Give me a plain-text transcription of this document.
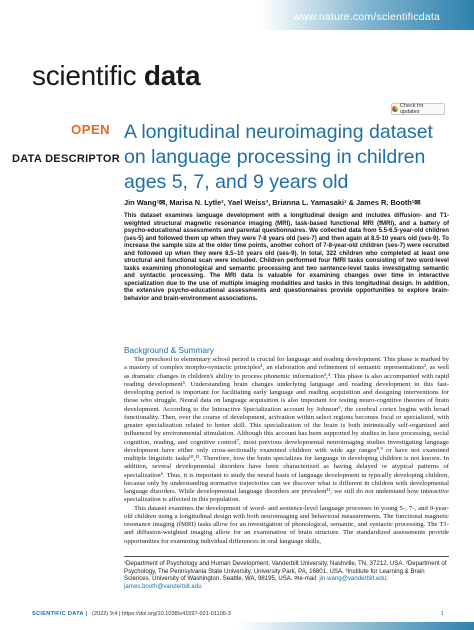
www.nature.com/scientificdata
scientific data
Check for updates
OPEN
DATA DESCRIPTOR
A longitudinal neuroimaging dataset on language processing in children ages 5, 7, and 9 years old
Jin Wang¹✉, Marisa N. Lytle², Yael Weiss³, Brianna L. Yamasaki¹ & James R. Booth¹✉

This dataset examines language development with a longitudinal design and includes diffusion- and T1-weighted structural magnetic resonance imaging (MRI), task-based functional MRI (fMRI), and a battery of psycho-educational assessments and parental questionnaires. We collected data from 5.5-6.5-year-old children (ses-5) and followed them up when they were 7-8 years old (ses-7) and then again at 8.5-10 years old (ses-9). To increase the sample size at the older time points, another cohort of 7-8-year-old children (ses-7) were recruited and followed up when they were 8.5–10 years old (ses-9). In total, 322 children who completed at least one structural and functional scan were included. Children performed four fMRI tasks consisting of two word-level tasks examining phonological and semantic processing and two sentence-level tasks investigating semantic and syntactic processing. The MRI data is valuable for examining changes over time in interactive specialization due to the use of multiple imaging modalities and tasks in this longitudinal design. In addition, the extensive psycho-educational assessments and questionnaires provide opportunities to explore brain-behavior and brain-environment associations.

Background & Summary

The preschool to elementary school period is crucial for language and reading development. This phase is marked by a mastery of complex morpho-syntactic principles¹, an elaboration and refinement of semantic representations², as well as dramatic changes in children's ability to process phonemic information³,⁴. This phase is also accompanied with rapid reading development⁵. Understanding brain changes underlying language and reading development in this fast-developing period is important for facilitating early language and reading acquisition and designing interventions for those who struggle. Neural data on language acquisition is also important for testing neuro-cognitive theories of brain development. According to the Interactive Specialization account by Johnson⁶, the cerebral cortex begins with broad functionality. Then, over the course of development, activation within select regions becomes focal or specialized, with greater specialization related to better skill. This specialization of the brain is both intrinsically self-organized and influenced by environmental stimulation. Although this account has been supported by studies in face processing, social cognition, reading, and cognitive control⁷, most previous developmental neuroimaging studies investigating language development have either only cross-sectionally examined children with wide age ranges⁸,⁹ or have not examined multiple linguistic tasks¹⁰,¹¹. Therefore, how the brain specializes for language in developing children is not known. In addition, several developmental disorders have been characterized as having delayed or atypical patterns of specialization⁶. Thus, it is important to study the neural basis of language development in typically developing children, because only by understanding normative trajectories can we discover what is different in children with developmental language disorders. While developmental language disorders are prevalent¹², we still do not understand how interactive specialization is affected in this population.

This dataset examines the development of word- and sentence-level language processes in young 5-, 7-, and 9-year-old children using a longitudinal design with both neuroimaging and behavioral measurements. The functional magnetic resonance imaging (fMRI) tasks allow for an investigation of phonological, semantic, and syntactic processing. The T1- and diffusion-weighted imaging allow for an examination of brain structure. The standardized assessments provide opportunities for examining individual differences in oral language skills,

¹Department of Psychology and Human Development, Vanderbilt University, Nashville, TN, 37212, USA. ²Department of Psychology, The Pennsylvania State University, University Park, PA, 16801, USA. ³Institute for Learning & Brain Sciences, University of Washington, Seattle, WA, 98195, USA. ✉e-mail: jin.wang@vanderbilt.edu; james.booth@vanderbilt.edu

SCIENTIFIC DATA | (2022) 9:4 | https://doi.org/10.1038/s41597-021-01106-3	1
